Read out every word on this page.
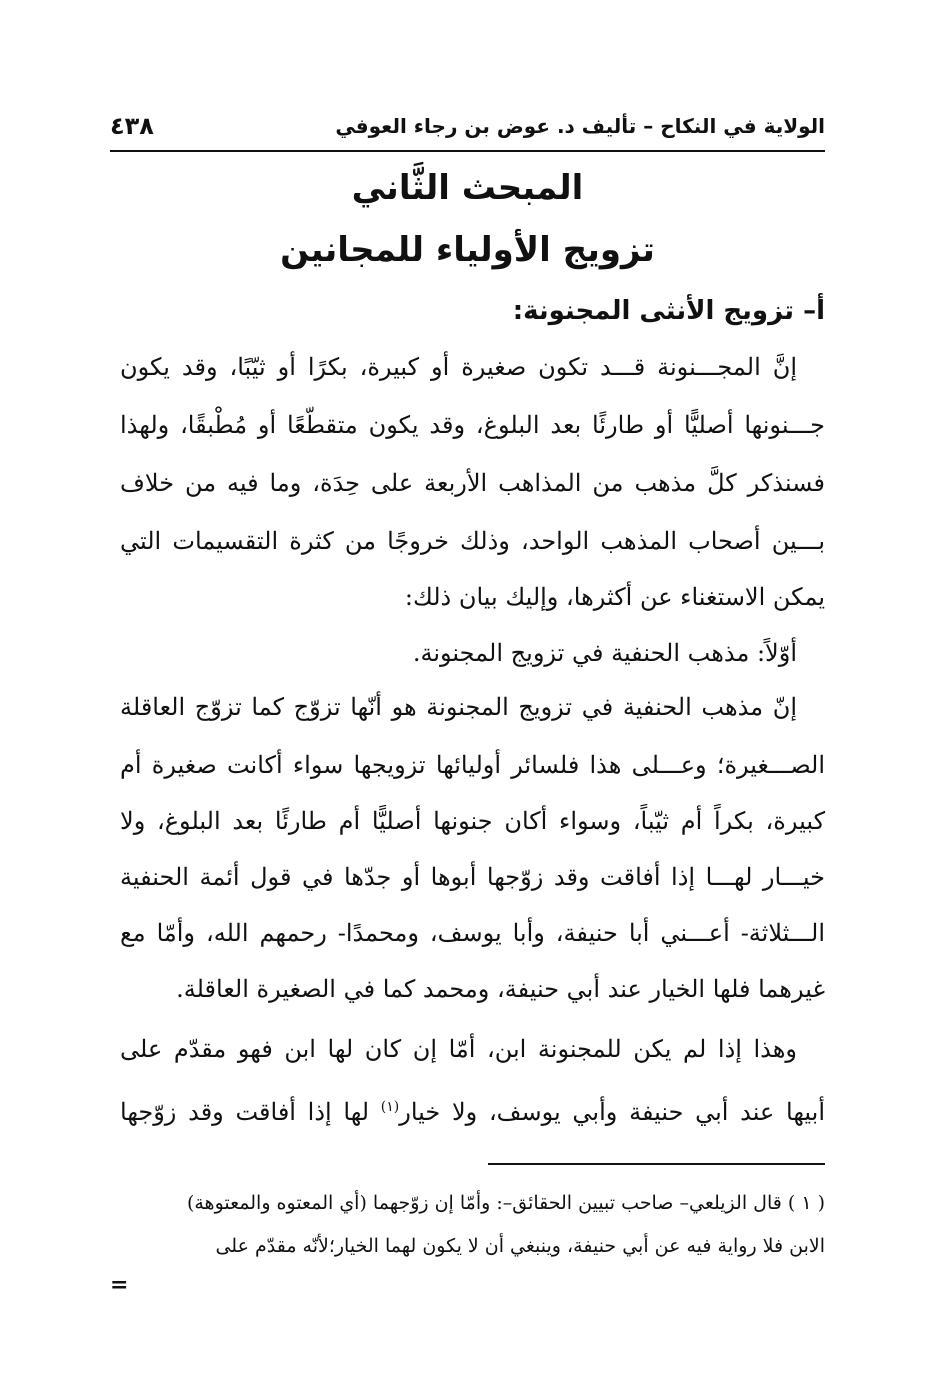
الولاية في النكاح – تأليف د. عوض بن رجاء العوفي
٤٣٨
المبحث الثَّاني
تزويج الأولياء للمجانين
أ– تزويج الأنثى المجنونة:
إنَّ المجـــنونة قـــد تكون صغيرة أو كبيرة، بكرًا أو ثيّبًا، وقد يكون
جـــنونها أصليًّا أو طارئًا بعد البلوغ، وقد يكون متقطّعًا أو مُطْبقًا، ولهذا
فسنذكر كلَّ مذهب من المذاهب الأربعة على حِدَة، وما فيه من خلاف
بـــين أصحاب المذهب الواحد، وذلك خروجًا من كثرة التقسيمات التي
يمكن الاستغناء عن أكثرها، وإليك بيان ذلك:
أوّلاً: مذهب الحنفية في تزويج المجنونة.
إنّ مذهب الحنفية في تزويج المجنونة هو أنّها تزوّج كما تزوّج العاقلة
الصـــغيرة؛ وعـــلى هذا فلسائر أوليائها تزويجها سواء أكانت صغيرة أم
كبيرة، بكراً أم ثيّباً، وسواء أكان جنونها أصليًّا أم طارئًا بعد البلوغ، ولا
خيـــار لهـــا إذا أفاقت وقد زوّجها أبوها أو جدّها في قول أئمة الحنفية
الـــثلاثة- أعـــني أبا حنيفة، وأبا يوسف، ومحمدًا- رحمهم الله، وأمّا مع
غيرهما فلها الخيار عند أبي حنيفة، ومحمد كما في الصغيرة العاقلة.
وهذا إذا لم يكن للمجنونة ابن، أمّا إن كان لها ابن فهو مقدّم على
أبيها عند أبي حنيفة وأبي يوسف، ولا خيار$^{(١)}$ لها إذا أفاقت وقد زوّجها
( ١ ) قال الزيلعي– صاحب تبيين الحقائق–: وأمّا إن زوّجهما (أي المعتوه والمعتوهة)
الابن فلا رواية فيه عن أبي حنيفة، وينبغي أن لا يكون لهما الخيار؛لأنّه مقدّم على
=
